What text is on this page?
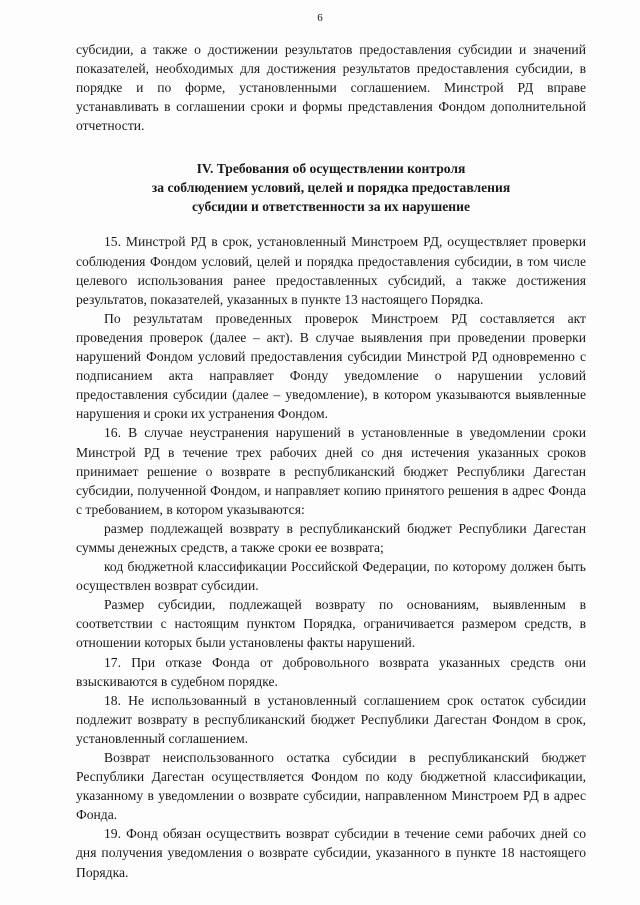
6

субсидии, а также о достижении результатов предоставления субсидии и значений показателей, необходимых для достижения результатов предоставления субсидии, в порядке и по форме, установленными соглашением. Минстрой РД вправе устанавливать в соглашении сроки и формы представления Фондом дополнительной отчетности.

IV. Требования об осуществлении контроля
за соблюдением условий, целей и порядка предоставления
субсидии и ответственности за их нарушение

15. Минстрой РД в срок, установленный Минстроем РД, осуществляет проверки соблюдения Фондом условий, целей и порядка предоставления субсидии, в том числе целевого использования ранее предоставленных субсидий, а также достижения результатов, показателей, указанных в пункте 13 настоящего Порядка.

По результатам проведенных проверок Минстроем РД составляется акт проведения проверок (далее – акт). В случае выявления при проведении проверки нарушений Фондом условий предоставления субсидии Минстрой РД одновременно с подписанием акта направляет Фонду уведомление о нарушении условий предоставления субсидии (далее – уведомление), в котором указываются выявленные нарушения и сроки их устранения Фондом.

16. В случае неустранения нарушений в установленные в уведомлении сроки Минстрой РД в течение трех рабочих дней со дня истечения указанных сроков принимает решение о возврате в республиканский бюджет Республики Дагестан субсидии, полученной Фондом, и направляет копию принятого решения в адрес Фонда с требованием, в котором указываются:

размер подлежащей возврату в республиканский бюджет Республики Дагестан суммы денежных средств, а также сроки ее возврата;

код бюджетной классификации Российской Федерации, по которому должен быть осуществлен возврат субсидии.

Размер субсидии, подлежащей возврату по основаниям, выявленным в соответствии с настоящим пунктом Порядка, ограничивается размером средств, в отношении которых были установлены факты нарушений.

17. При отказе Фонда от добровольного возврата указанных средств они взыскиваются в судебном порядке.

18. Не использованный в установленный соглашением срок остаток субсидии подлежит возврату в республиканский бюджет Республики Дагестан Фондом в срок, установленный соглашением.

Возврат неиспользованного остатка субсидии в республиканский бюджет Республики Дагестан осуществляется Фондом по коду бюджетной классификации, указанному в уведомлении о возврате субсидии, направленном Минстроем РД в адрес Фонда.

19. Фонд обязан осуществить возврат субсидии в течение семи рабочих дней со дня получения уведомления о возврате субсидии, указанного в пункте 18 настоящего Порядка.
